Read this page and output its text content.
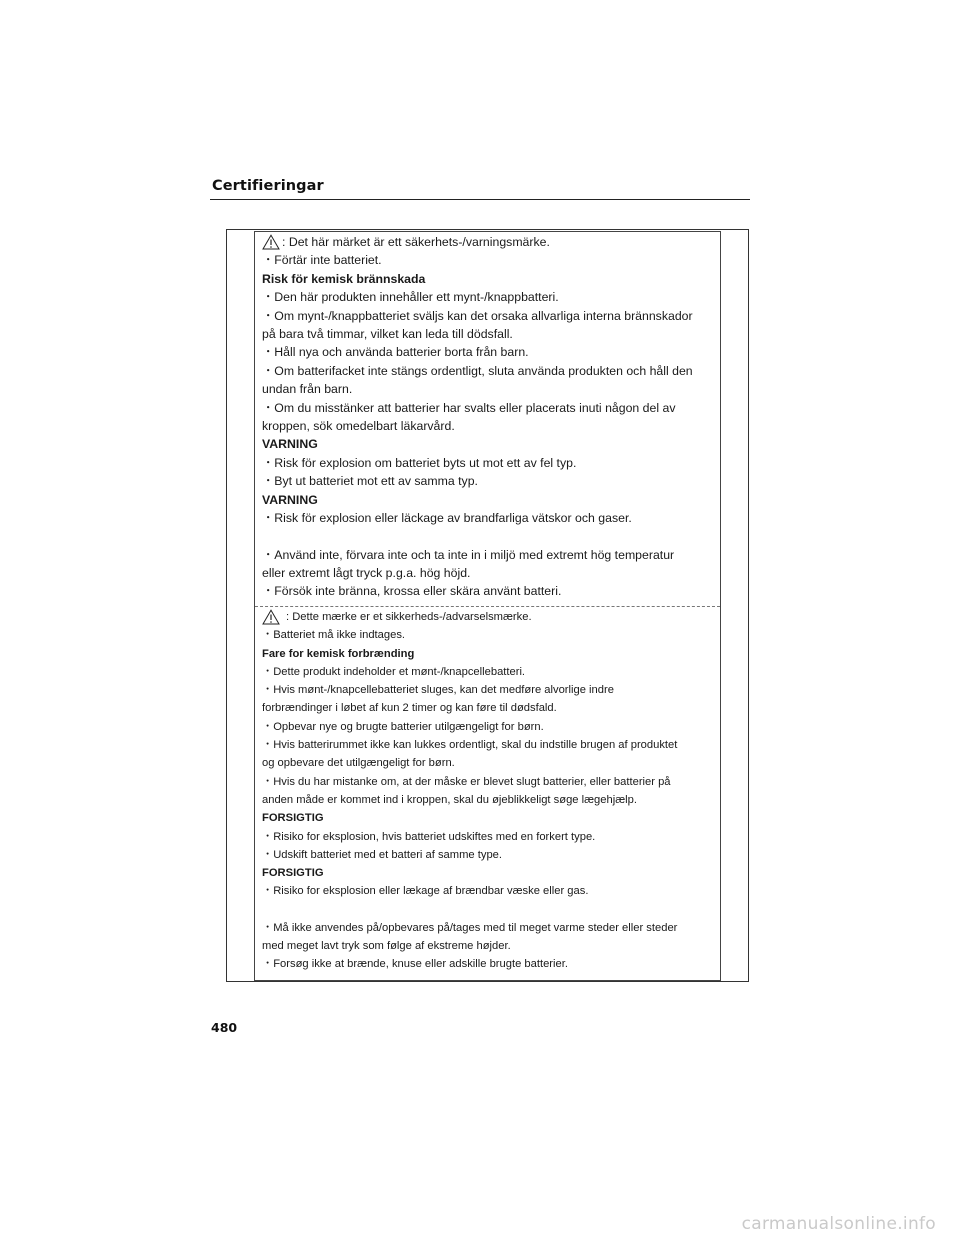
Certifieringar
: Det här märket är ett säkerhets-/varningsmärke.
・Förtär inte batteriet.
Risk för kemisk brännskada
・Den här produkten innehåller ett mynt-/knappbatteri.
・Om mynt-/knappbatteriet sväljs kan det orsaka allvarliga interna brännskador
på bara två timmar, vilket kan leda till dödsfall.
・Håll nya och använda batterier borta från barn.
・Om batterifacket inte stängs ordentligt, sluta använda produkten och håll den
undan från barn.
・Om du misstänker att batterier har svalts eller placerats inuti någon del av
kroppen, sök omedelbart läkarvård.
VARNING
・Risk för explosion om batteriet byts ut mot ett av fel typ.
・Byt ut batteriet mot ett av samma typ.
VARNING
・Risk för explosion eller läckage av brandfarliga vätskor och gaser.
・Använd inte, förvara inte och ta inte in i miljö med extremt hög temperatur
eller extremt lågt tryck p.g.a. hög höjd.
・Försök inte bränna, krossa eller skära använt batteri.
: Dette mærke er et sikkerheds-/advarselsmærke.
・Batteriet må ikke indtages.
Fare for kemisk forbrænding
・Dette produkt indeholder et mønt-/knapcellebatteri.
・Hvis mønt-/knapcellebatteriet sluges, kan det medføre alvorlige indre
forbrændinger i løbet af kun 2 timer og kan føre til dødsfald.
・Opbevar nye og brugte batterier utilgængeligt for børn.
・Hvis batterirummet ikke kan lukkes ordentligt, skal du indstille brugen af produktet
og opbevare det utilgængeligt for børn.
・Hvis du har mistanke om, at der måske er blevet slugt batterier, eller batterier på
anden måde er kommet ind i kroppen, skal du øjeblikkeligt søge lægehjælp.
FORSIGTIG
・Risiko for eksplosion, hvis batteriet udskiftes med en forkert type.
・Udskift batteriet med et batteri af samme type.
FORSIGTIG
・Risiko for eksplosion eller lækage af brændbar væske eller gas.
・Må ikke anvendes på/opbevares på/tages med til meget varme steder eller steder
med meget lavt tryk som følge af ekstreme højder.
・Forsøg ikke at brænde, knuse eller adskille brugte batterier.
480
carmanualsonline.info
